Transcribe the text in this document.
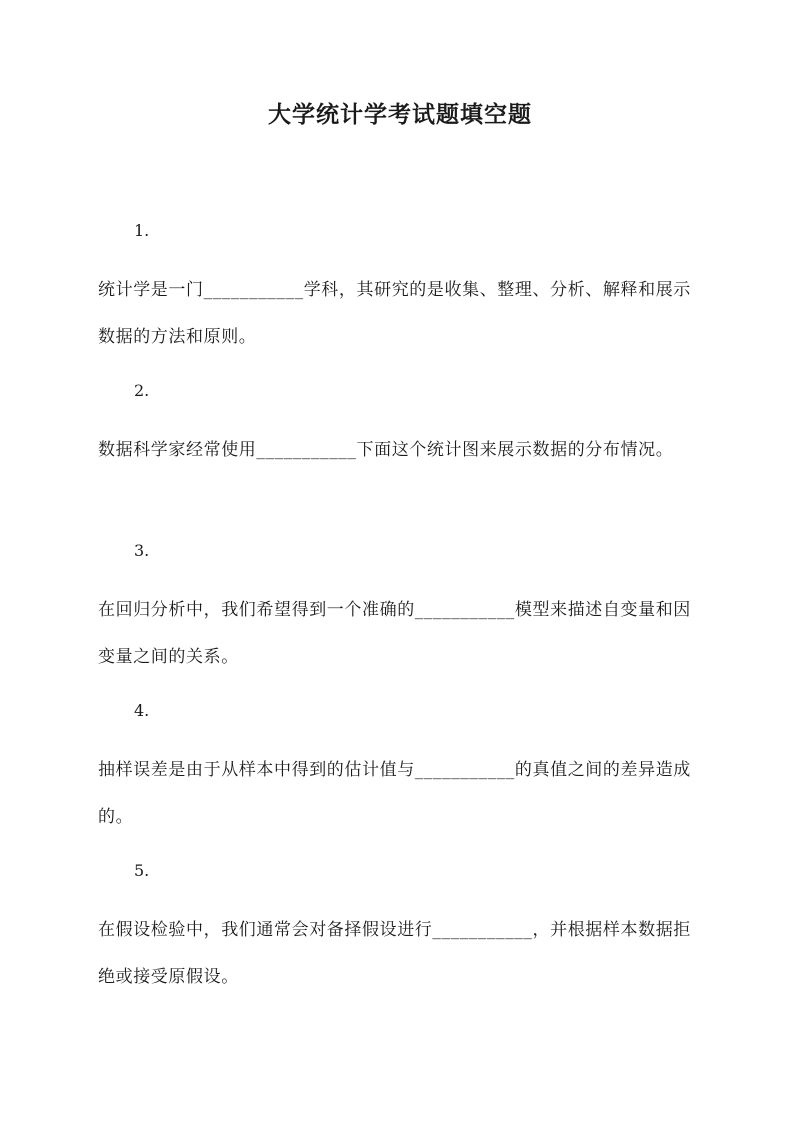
大学统计学考试题填空题
1.
统计学是一门___________学科，其研究的是收集、整理、分析、解释和展示数据的方法和原则。
2.
数据科学家经常使用___________下面这个统计图来展示数据的分布情况。
3.
在回归分析中，我们希望得到一个准确的___________模型来描述自变量和因变量之间的关系。
4.
抽样误差是由于从样本中得到的估计值与___________的真值之间的差异造成的。
5.
在假设检验中，我们通常会对备择假设进行___________，并根据样本数据拒绝或接受原假设。
